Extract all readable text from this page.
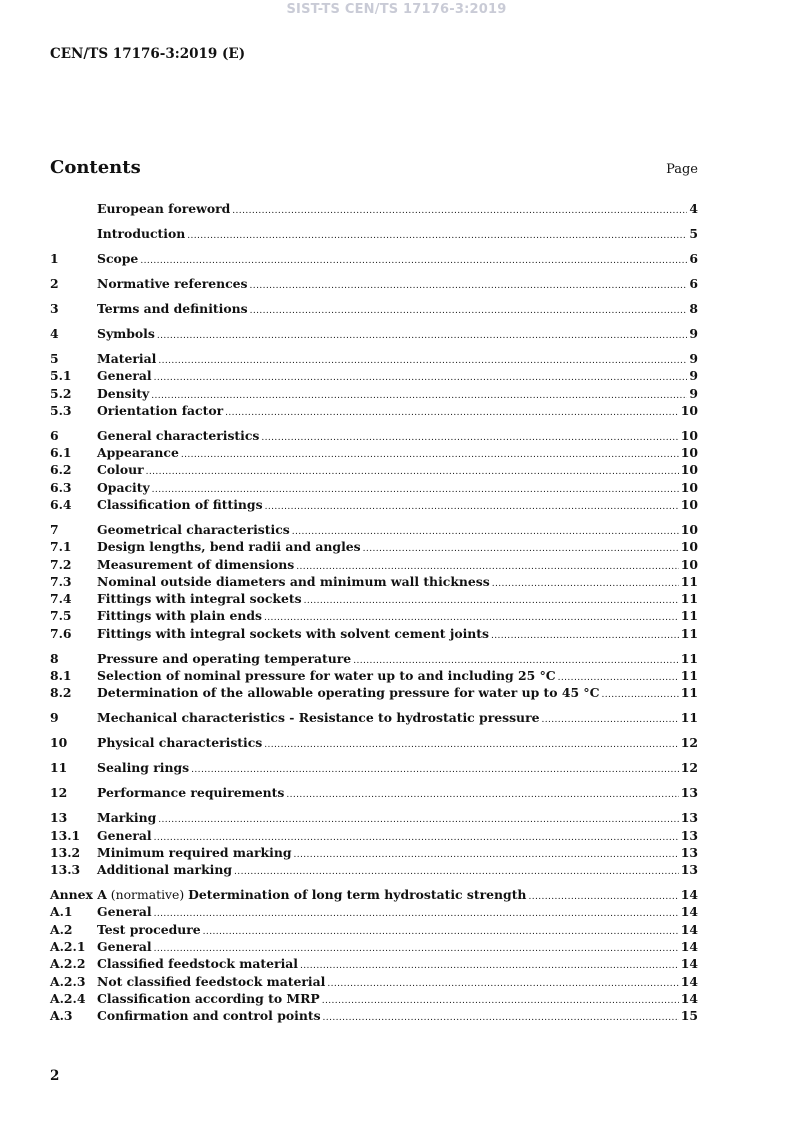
SIST-TS CEN/TS 17176-3:2019
CEN/TS 17176-3:2019 (E)
Contents	Page
European foreword .....	4
Introduction .....	5
1	Scope .....	6
2	Normative references .....	6
3	Terms and definitions .....	8
4	Symbols .....	9
5	Material .....	9
5.1	General .....	9
5.2	Density .....	9
5.3	Orientation factor .....	10
6	General characteristics .....	10
6.1	Appearance .....	10
6.2	Colour .....	10
6.3	Opacity .....	10
6.4	Classification of fittings .....	10
7	Geometrical characteristics .....	10
7.1	Design lengths, bend radii and angles .....	10
7.2	Measurement of dimensions .....	10
7.3	Nominal outside diameters and minimum wall thickness .....	11
7.4	Fittings with integral sockets .....	11
7.5	Fittings with plain ends .....	11
7.6	Fittings with integral sockets with solvent cement joints .....	11
8	Pressure and operating temperature .....	11
8.1	Selection of nominal pressure for water up to and including 25 °C .....	11
8.2	Determination of the allowable operating pressure for water up to 45 °C .....	11
9	Mechanical characteristics - Resistance to hydrostatic pressure .....	11
10	Physical characteristics .....	12
11	Sealing rings .....	12
12	Performance requirements .....	13
13	Marking .....	13
13.1	General .....	13
13.2	Minimum required marking .....	13
13.3	Additional marking .....	13
Annex A (normative) Determination of long term hydrostatic strength .....	14
A.1	General .....	14
A.2	Test procedure .....	14
A.2.1 General .....	14
A.2.2 Classified feedstock material .....	14
A.2.3 Not classified feedstock material .....	14
A.2.4 Classification according to MRP .....	14
A.3	Confirmation and control points .....	15
2
